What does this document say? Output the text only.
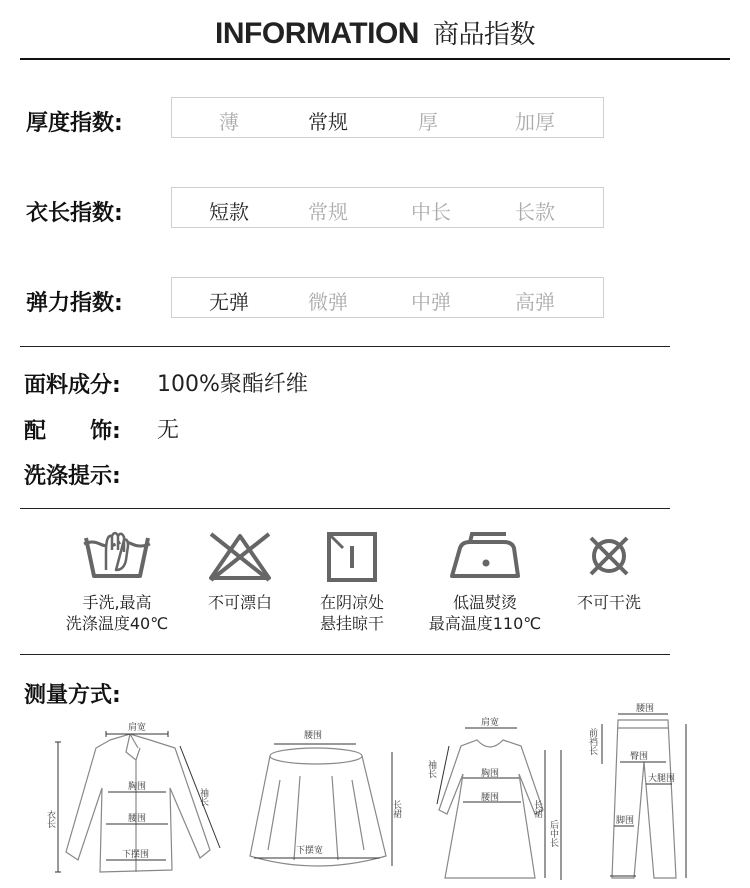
INFORMATION 商品指数
厚度指数:	薄	常规	厚	加厚
衣长指数:	短款	常规	中长	长款
弹力指数:	无弹	微弹	中弹	高弹
面料成分: 100%聚酯纤维
配　　饰: 无
洗涤提示:
手洗,最高
洗涤温度40℃
不可漂白	在阴凉处
悬挂晾干
低温熨烫
最高温度110℃
不可干洗
测量方式:
肩宽
胸围
腰围
下摆围
衣长
袖长
腰围
下摆宽
长裙
肩宽
胸围
腰围
袖长
长裙
后中长
腰围
臀围
大腿围
脚围
前裆长
